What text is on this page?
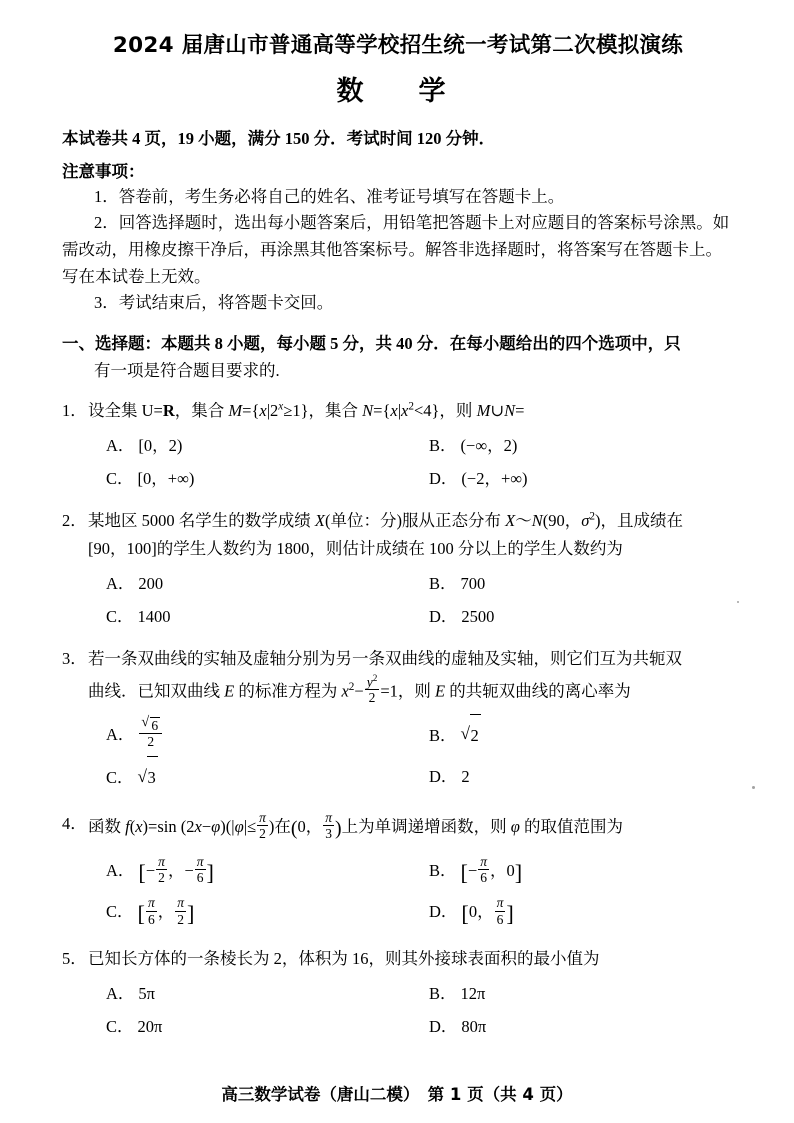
2024 届唐山市普通高等学校招生统一考试第二次模拟演练
数　学
本试卷共 4 页，19 小题，满分 150 分．考试时间 120 分钟．
注意事项：

1．答卷前，考生务必将自己的姓名、准考证号填写在答题卡上。

2．回答选择题时，选出每小题答案后，用铅笔把答题卡上对应题目的答案标号涂黑。如需改动，用橡皮擦干净后，再涂黑其他答案标号。解答非选择题时，将答案写在答题卡上。写在本试卷上无效。

3．考试结束后，将答题卡交回。

一、选择题：本题共 8 小题，每小题 5 分，共 40 分．在每小题给出的四个选项中，只
有一项是符合题目要求的.
1． 设全集 U=R，集合 $M=\{x|2^x\ge 1\}$，集合 $N=\{x|x^2<4\}$，则 M∪N=
A． [0，2)	B． (−∞，2)
C． [0，+∞)	D． (−2，+∞)
2． 某地区 5000 名学生的数学成绩 X(单位：分)服从正态分布 X～N(90，$\sigma^2$)，且成绩在
[90，100]的学生人数约为 1800，则估计成绩在 100 分以上的学生人数约为
A． 200	B． 700
C． 1400	D． 2500
3． 若一条双曲线的实轴及虚轴分别为另一条双曲线的虚轴及实轴，则它们互为共轭双
曲线．已知双曲线 E 的标准方程为 $x^2- \frac{y^2}{2} =1$，则 E 的共轭双曲线的离心率为
A． √ $\frac{6}{2}$	B． √ 2
C． √ 3	D． 2
4． 函数 f(x)=sin $(2x-\varphi)(|\varphi|\le \frac{\pi}{2}$ )在(0， $\frac{\pi}{3}$ )上为单调递增函数，则 φ 的取值范围为
A． [− $\frac{\pi}{2}$ ，− $\frac{\pi}{6}$ ]	B． [− $\frac{\pi}{6}$ ，0]
C． [ $\frac{\pi}{6}$ ， $\frac{\pi}{2}$ ]	D． [0， $\frac{\pi}{6}$ ]
5． 已知长方体的一条棱长为 2，体积为 16，则其外接球表面积的最小值为
A． 5π	B． 12π
C． 20π	D． 80π
高三数学试卷（唐山二模）　第 1 页（共 4 页）
